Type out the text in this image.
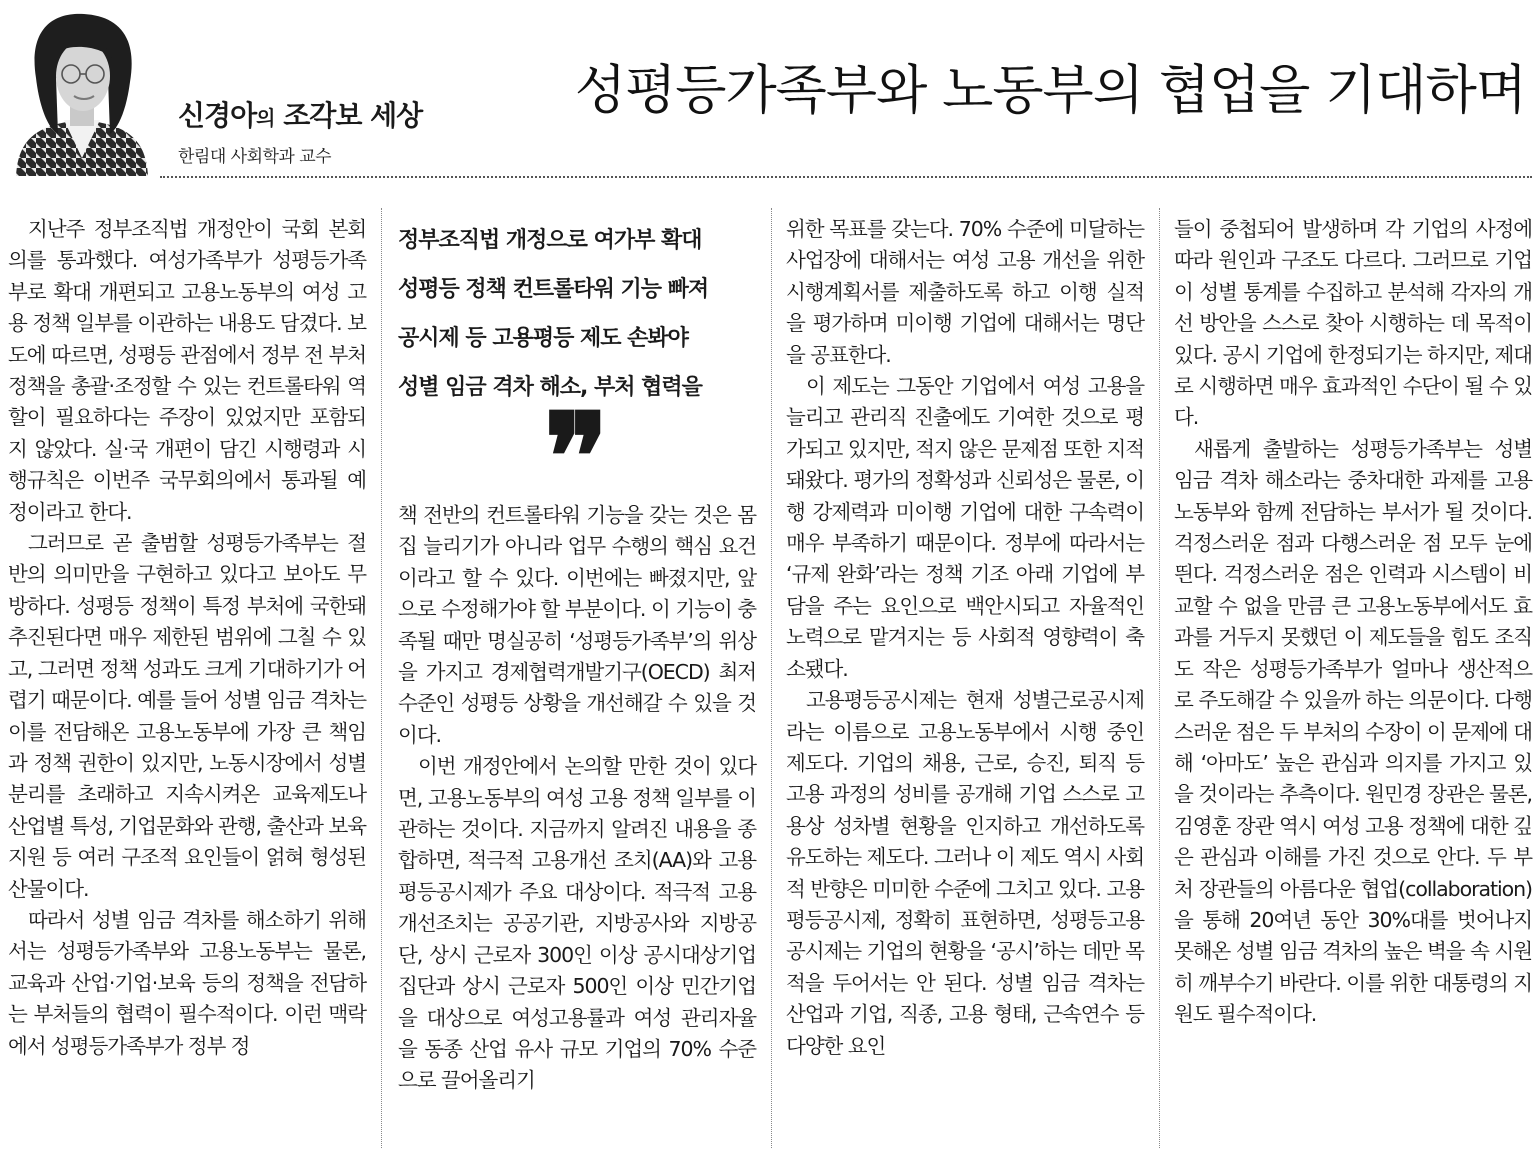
신경아의 조각보 세상
한림대 사회학과 교수
성평등가족부와 노동부의 협업을 기대하며

지난주 정부조직법 개정안이 국회 본회의를 통과했다. 여성가족부가 성평등가족부로 확대 개편되고 고용노동부의 여성 고용 정책 일부를 이관하는 내용도 담겼다. 보도에 따르면, 성평등 관점에서 정부 전 부처 정책을 총괄·조정할 수 있는 컨트롤타워 역할이 필요하다는 주장이 있었지만 포함되지 않았다. 실·국 개편이 담긴 시행령과 시행규칙은 이번주 국무회의에서 통과될 예정이라고 한다.

그러므로 곧 출범할 성평등가족부는 절반의 의미만을 구현하고 있다고 보아도 무방하다. 성평등 정책이 특정 부처에 국한돼 추진된다면 매우 제한된 범위에 그칠 수 있고, 그러면 정책 성과도 크게 기대하기가 어렵기 때문이다. 예를 들어 성별 임금 격차는 이를 전담해온 고용노동부에 가장 큰 책임과 정책 권한이 있지만, 노동시장에서 성별 분리를 초래하고 지속시켜온 교육제도나 산업별 특성, 기업문화와 관행, 출산과 보육지원 등 여러 구조적 요인들이 얽혀 형성된 산물이다.

따라서 성별 임금 격차를 해소하기 위해서는 성평등가족부와 고용노동부는 물론, 교육과 산업·기업·보육 등의 정책을 전담하는 부처들의 협력이 필수적이다. 이런 맥락에서 성평등가족부가 정부 정

정부조직법 개정으로 여가부 확대
성평등 정책 컨트롤타워 기능 빠져
공시제 등 고용평등 제도 손봐야
성별 임금 격차 해소, 부처 협력을
❞

책 전반의 컨트롤타워 기능을 갖는 것은 몸집 늘리기가 아니라 업무 수행의 핵심 요건이라고 할 수 있다. 이번에는 빠졌지만, 앞으로 수정해가야 할 부분이다. 이 기능이 충족될 때만 명실공히 ‘성평등가족부’의 위상을 가지고 경제협력개발기구(OECD) 최저 수준인 성평등 상황을 개선해갈 수 있을 것이다.

이번 개정안에서 논의할 만한 것이 있다면, 고용노동부의 여성 고용 정책 일부를 이관하는 것이다. 지금까지 알려진 내용을 종합하면, 적극적 고용개선 조치(AA)와 고용평등공시제가 주요 대상이다. 적극적 고용개선조치는 공공기관, 지방공사와 지방공단, 상시 근로자 300인 이상 공시대상기업집단과 상시 근로자 500인 이상 민간기업을 대상으로 여성고용률과 여성 관리자율을 동종 산업 유사 규모 기업의 70% 수준으로 끌어올리기

위한 목표를 갖는다. 70% 수준에 미달하는 사업장에 대해서는 여성 고용 개선을 위한 시행계획서를 제출하도록 하고 이행 실적을 평가하며 미이행 기업에 대해서는 명단을 공표한다.

이 제도는 그동안 기업에서 여성 고용을 늘리고 관리직 진출에도 기여한 것으로 평가되고 있지만, 적지 않은 문제점 또한 지적돼왔다. 평가의 정확성과 신뢰성은 물론, 이행 강제력과 미이행 기업에 대한 구속력이 매우 부족하기 때문이다. 정부에 따라서는 ‘규제 완화’라는 정책 기조 아래 기업에 부담을 주는 요인으로 백안시되고 자율적인 노력으로 맡겨지는 등 사회적 영향력이 축소됐다.

고용평등공시제는 현재 성별근로공시제라는 이름으로 고용노동부에서 시행 중인 제도다. 기업의 채용, 근로, 승진, 퇴직 등 고용 과정의 성비를 공개해 기업 스스로 고용상 성차별 현황을 인지하고 개선하도록 유도하는 제도다. 그러나 이 제도 역시 사회적 반향은 미미한 수준에 그치고 있다. 고용평등공시제, 정확히 표현하면, 성평등고용공시제는 기업의 현황을 ‘공시’하는 데만 목적을 두어서는 안 된다. 성별 임금 격차는 산업과 기업, 직종, 고용 형태, 근속연수 등 다양한 요인

들이 중첩되어 발생하며 각 기업의 사정에 따라 원인과 구조도 다르다. 그러므로 기업이 성별 통계를 수집하고 분석해 각자의 개선 방안을 스스로 찾아 시행하는 데 목적이 있다. 공시 기업에 한정되기는 하지만, 제대로 시행하면 매우 효과적인 수단이 될 수 있다.

새롭게 출발하는 성평등가족부는 성별 임금 격차 해소라는 중차대한 과제를 고용노동부와 함께 전담하는 부서가 될 것이다. 걱정스러운 점과 다행스러운 점 모두 눈에 띈다. 걱정스러운 점은 인력과 시스템이 비교할 수 없을 만큼 큰 고용노동부에서도 효과를 거두지 못했던 이 제도들을 힘도 조직도 작은 성평등가족부가 얼마나 생산적으로 주도해갈 수 있을까 하는 의문이다. 다행스러운 점은 두 부처의 수장이 이 문제에 대해 ‘아마도’ 높은 관심과 의지를 가지고 있을 것이라는 추측이다. 원민경 장관은 물론, 김영훈 장관 역시 여성 고용 정책에 대한 깊은 관심과 이해를 가진 것으로 안다. 두 부처 장관들의 아름다운 협업(collaboration)을 통해 20여년 동안 30%대를 벗어나지 못해온 성별 임금 격차의 높은 벽을 속 시원히 깨부수기 바란다. 이를 위한 대통령의 지원도 필수적이다.
